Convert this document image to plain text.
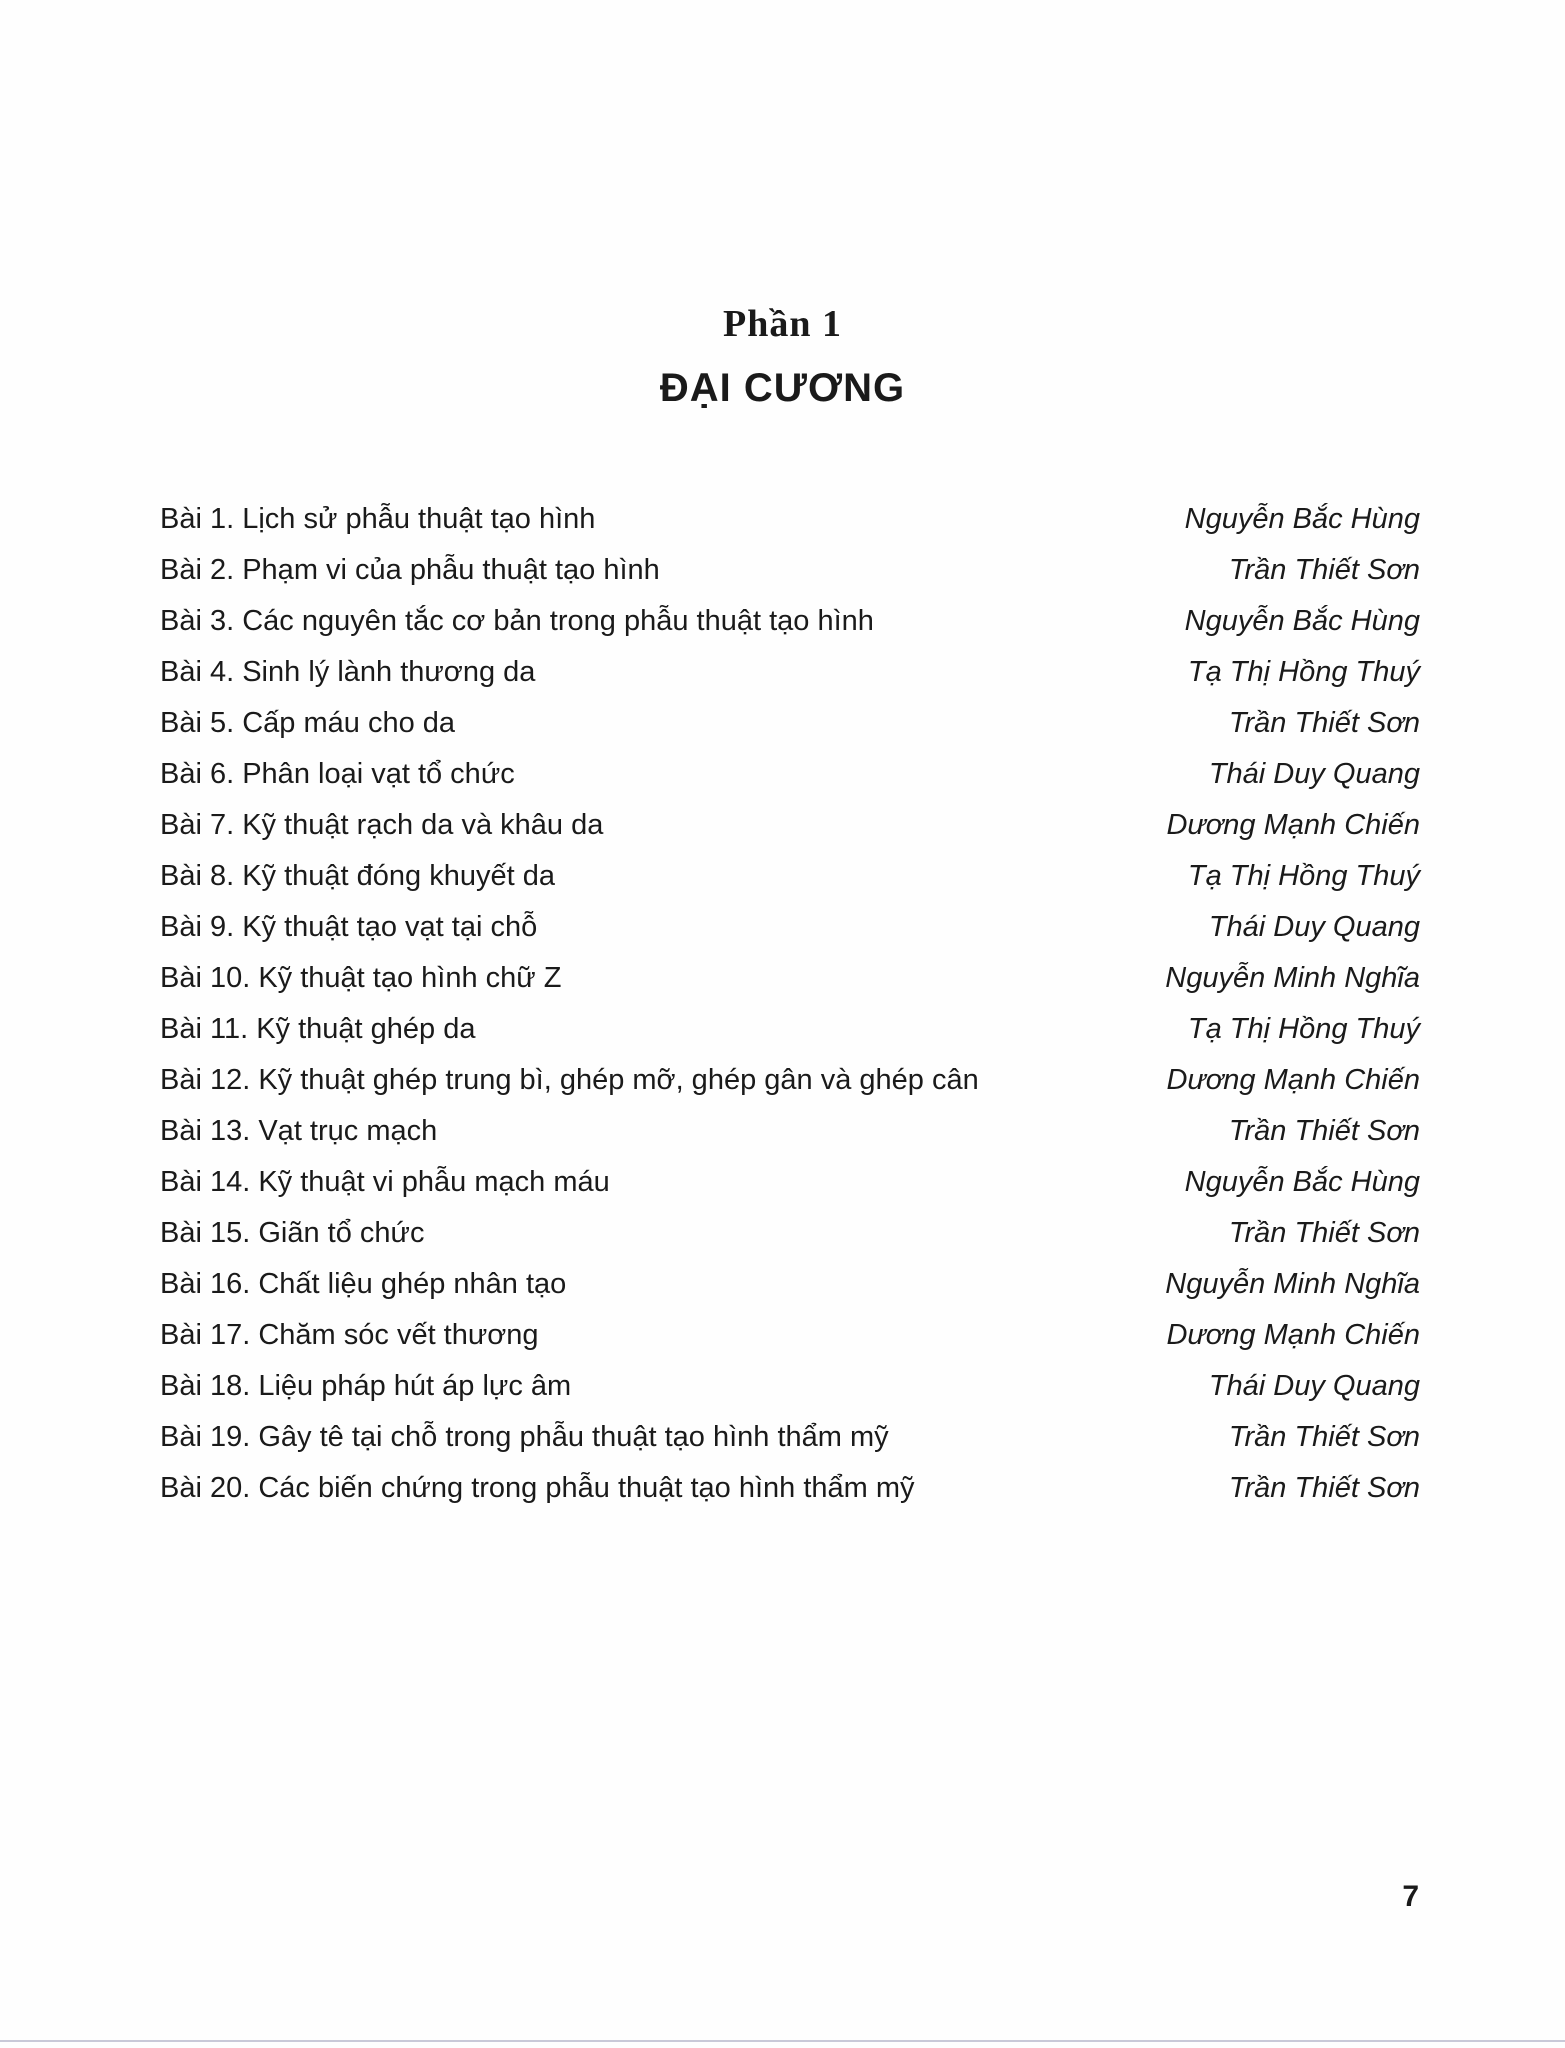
Phần 1
ĐẠI CƯƠNG
Bài 1. Lịch sử phẫu thuật tạo hình	Nguyễn Bắc Hùng
Bài 2. Phạm vi của phẫu thuật tạo hình	Trần Thiết Sơn
Bài 3. Các nguyên tắc cơ bản trong phẫu thuật tạo hình	Nguyễn Bắc Hùng
Bài 4. Sinh lý lành thương da	Tạ Thị Hồng Thuý
Bài 5. Cấp máu cho da	Trần Thiết Sơn
Bài 6. Phân loại vạt tổ chức	Thái Duy Quang
Bài 7. Kỹ thuật rạch da và khâu da	Dương Mạnh Chiến
Bài 8. Kỹ thuật đóng khuyết da	Tạ Thị Hồng Thuý
Bài 9. Kỹ thuật tạo vạt tại chỗ	Thái Duy Quang
Bài 10. Kỹ thuật tạo hình chữ Z	Nguyễn Minh Nghĩa
Bài 11. Kỹ thuật ghép da	Tạ Thị Hồng Thuý
Bài 12. Kỹ thuật ghép trung bì, ghép mỡ, ghép gân và ghép cân	Dương Mạnh Chiến
Bài 13. Vạt trục mạch	Trần Thiết Sơn
Bài 14. Kỹ thuật vi phẫu mạch máu	Nguyễn Bắc Hùng
Bài 15. Giãn tổ chức	Trần Thiết Sơn
Bài 16. Chất liệu ghép nhân tạo	Nguyễn Minh Nghĩa
Bài 17. Chăm sóc vết thương	Dương Mạnh Chiến
Bài 18. Liệu pháp hút áp lực âm	Thái Duy Quang
Bài 19. Gây tê tại chỗ trong phẫu thuật tạo hình thẩm mỹ	Trần Thiết Sơn
Bài 20. Các biến chứng trong phẫu thuật tạo hình thẩm mỹ	Trần Thiết Sơn
7
